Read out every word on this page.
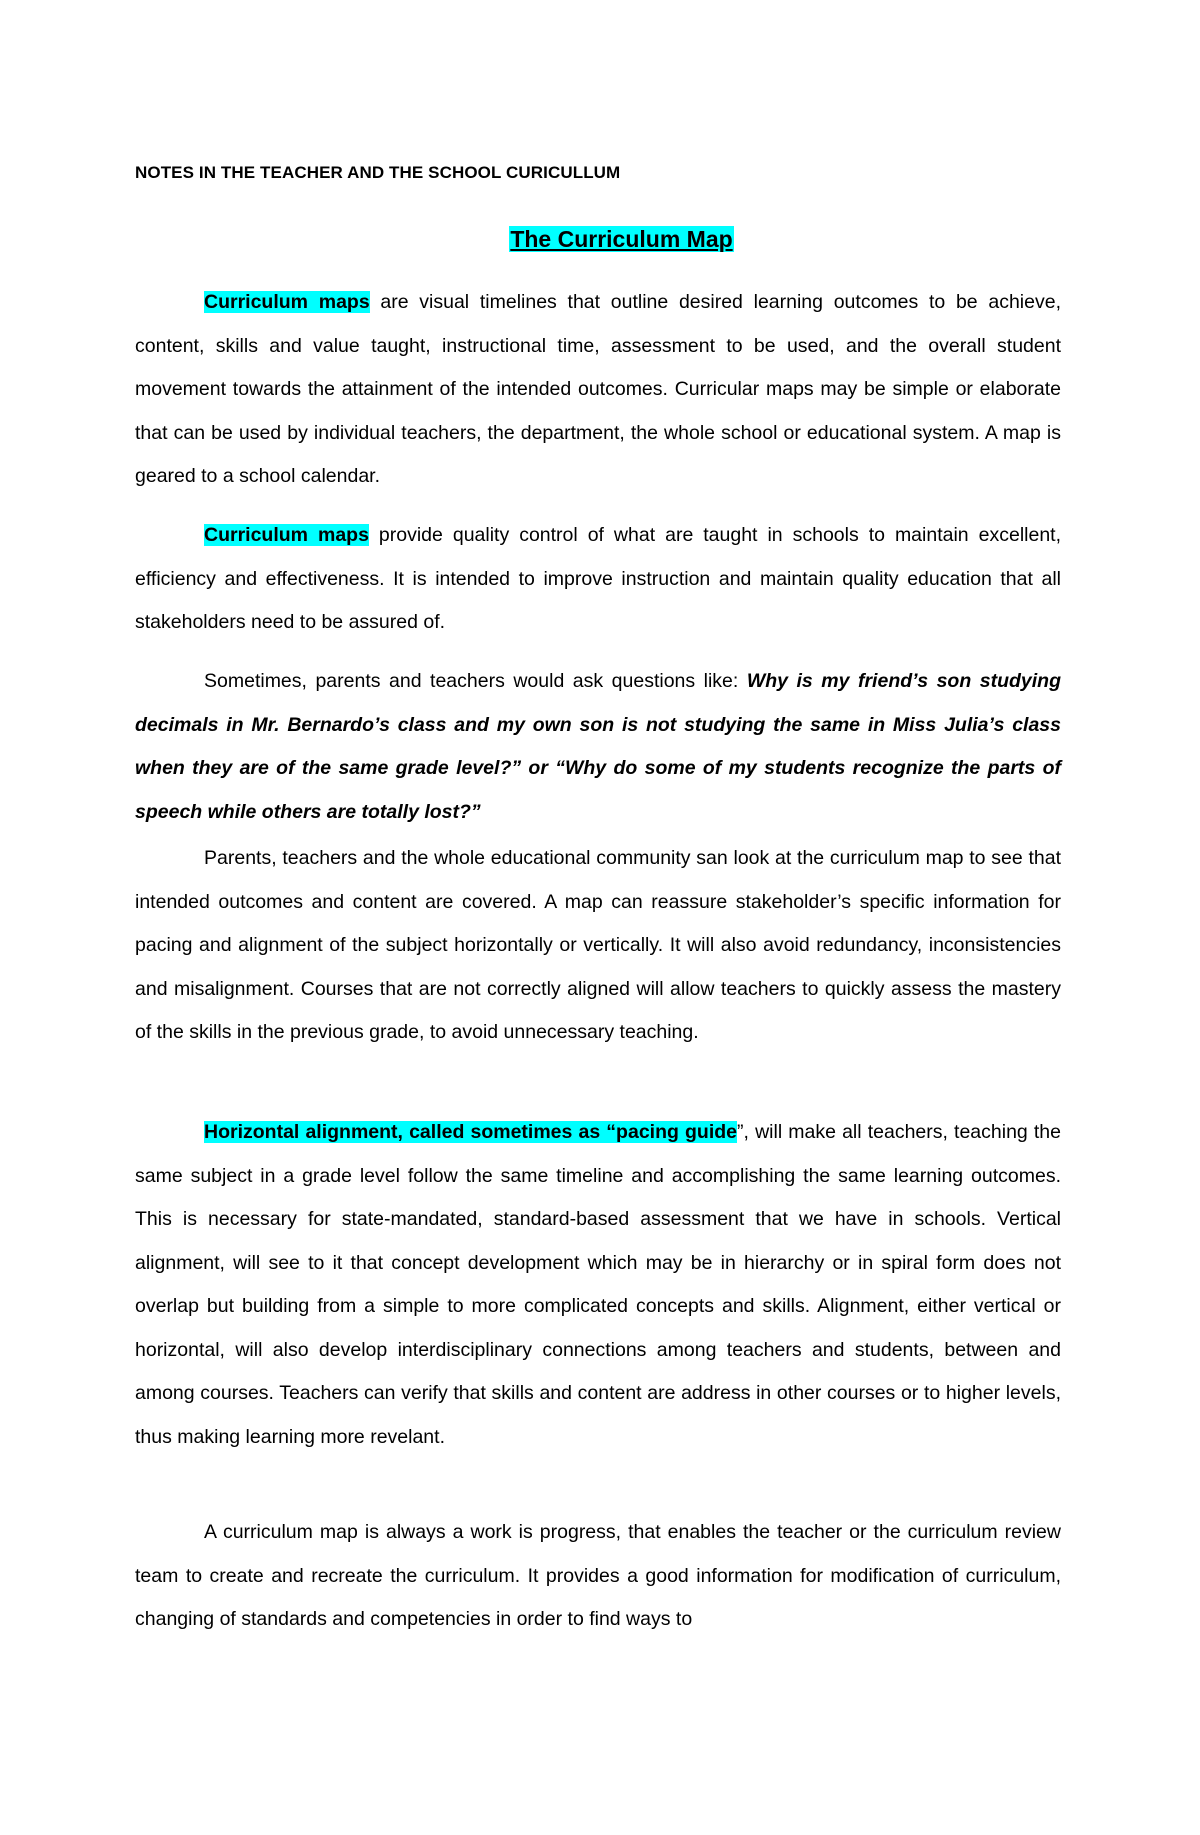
NOTES IN THE TEACHER AND THE SCHOOL CURICULLUM

The Curriculum Map

Curriculum maps are visual timelines that outline desired learning outcomes to be achieve, content, skills and value taught, instructional time, assessment to be used, and the overall student movement towards the attainment of the intended outcomes. Curricular maps may be simple or elaborate that can be used by individual teachers, the department, the whole school or educational system. A map is geared to a school calendar.

Curriculum maps provide quality control of what are taught in schools to maintain excellent, efficiency and effectiveness. It is intended to improve instruction and maintain quality education that all stakeholders need to be assured of.

Sometimes, parents and teachers would ask questions like: Why is my friend’s son studying decimals in Mr. Bernardo’s class and my own son is not studying the same in Miss Julia’s class when they are of the same grade level?” or “Why do some of my students recognize the parts of speech while others are totally lost?”

Parents, teachers and the whole educational community san look at the curriculum map to see that intended outcomes and content are covered. A map can reassure stakeholder’s specific information for pacing and alignment of the subject horizontally or vertically. It will also avoid redundancy, inconsistencies and misalignment. Courses that are not correctly aligned will allow teachers to quickly assess the mastery of the skills in the previous grade, to avoid unnecessary teaching.

Horizontal alignment, called sometimes as “pacing guide”, will make all teachers, teaching the same subject in a grade level follow the same timeline and accomplishing the same learning outcomes. This is necessary for state-mandated, standard-based assessment that we have in schools. Vertical alignment, will see to it that concept development which may be in hierarchy or in spiral form does not overlap but building from a simple to more complicated concepts and skills. Alignment, either vertical or horizontal, will also develop interdisciplinary connections among teachers and students, between and among courses. Teachers can verify that skills and content are address in other courses or to higher levels, thus making learning more revelant.

A curriculum map is always a work is progress, that enables the teacher or the curriculum review team to create and recreate the curriculum. It provides a good information for modification of curriculum, changing of standards and competencies in order to find ways to
